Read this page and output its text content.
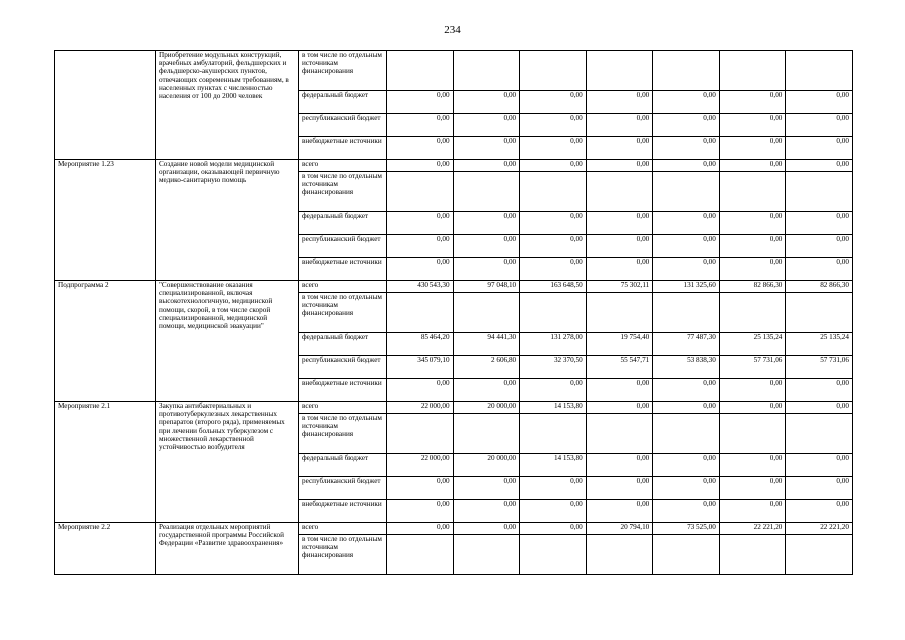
234
	Приобретение модульных конструкций, врачебных амбулаторий, фельдшерских и фельдшерско-акушерских пунктов, отвечающих современным требованиям, в населенных пунктах с численностью населения от 100 до 2000 человек	в том числе по отдельным источникам финансирования							
		федеральный бюджет	0,00	0,00	0,00	0,00	0,00	0,00	0,00
		республиканский бюджет	0,00	0,00	0,00	0,00	0,00	0,00	0,00
		внебюджетные источники	0,00	0,00	0,00	0,00	0,00	0,00	0,00
Мероприятие 1.23	Создание новой модели медицинской организации, оказывающей первичную медико-санитарную помощь	всего	0,00	0,00	0,00	0,00	0,00	0,00	0,00
		в том числе по отдельным источникам финансирования							
		федеральный бюджет	0,00	0,00	0,00	0,00	0,00	0,00	0,00
		республиканский бюджет	0,00	0,00	0,00	0,00	0,00	0,00	0,00
		внебюджетные источники	0,00	0,00	0,00	0,00	0,00	0,00	0,00
Подпрограмма 2	"Совершенствование оказания специализированной, включая высокотехнологичную, медицинской помощи, скорой, в том числе скорой специализированной, медицинской помощи, медицинской эвакуации"	всего	430 543,30	97 048,10	163 648,50	75 302,11	131 325,60	82 866,30	82 866,30
		в том числе по отдельным источникам финансирования							
		федеральный бюджет	85 464,20	94 441,30	131 278,00	19 754,40	77 487,30	25 135,24	25 135,24
		республиканский бюджет	345 079,10	2 606,80	32 370,50	55 547,71	53 838,30	57 731,06	57 731,06
		внебюджетные источники	0,00	0,00	0,00	0,00	0,00	0,00	0,00
Мероприятие 2.1	Закупка антибактериальных и противотуберкулезных лекарственных препаратов (второго ряда), применяемых при лечении больных туберкулезом с множественной лекарственной устойчивостью возбудителя	всего	22 000,00	20 000,00	14 153,80	0,00	0,00	0,00	0,00
		в том числе по отдельным источникам финансирования							
		федеральный бюджет	22 000,00	20 000,00	14 153,80	0,00	0,00	0,00	0,00
		республиканский бюджет	0,00	0,00	0,00	0,00	0,00	0,00	0,00
		внебюджетные источники	0,00	0,00	0,00	0,00	0,00	0,00	0,00
Мероприятие 2.2	Реализация отдельных мероприятий государственной программы Российской Федерации «Развитие здравоохранения»	всего	0,00	0,00	0,00	20 794,10	73 525,00	22 221,20	22 221,20
		в том числе по отдельным источникам финансирования							
